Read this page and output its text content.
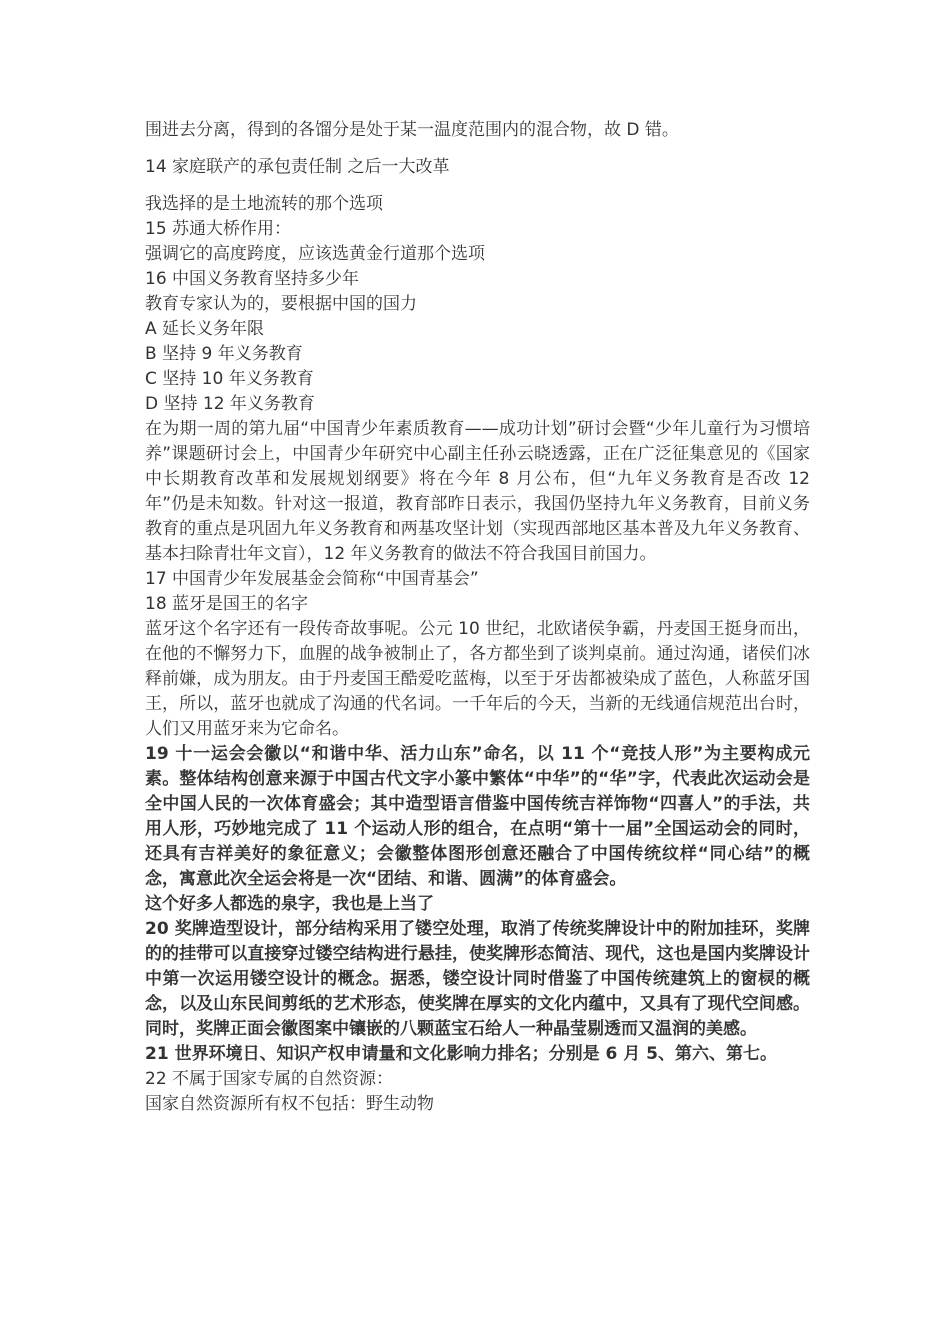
围进去分离，得到的各馏分是处于某一温度范围内的混合物，故 D 错。

14 家庭联产的承包责任制 之后一大改革

我选择的是土地流转的那个选项

15 苏通大桥作用：

强调它的高度跨度，应该选黄金行道那个选项

16 中国义务教育坚持多少年

教育专家认为的，要根据中国的国力

A 延长义务年限

B 坚持 9 年义务教育

C 坚持 10 年义务教育

D 坚持 12 年义务教育

在为期一周的第九届“中国青少年素质教育——成功计划”研讨会暨“少年儿童行为习惯培养”课题研讨会上，中国青少年研究中心副主任孙云晓透露，正在广泛征集意见的《国家中长期教育改革和发展规划纲要》将在今年 8 月公布，但“九年义务教育是否改 12 年”仍是未知数。针对这一报道，教育部昨日表示，我国仍坚持九年义务教育，目前义务教育的重点是巩固九年义务教育和两基攻坚计划（实现西部地区基本普及九年义务教育、基本扫除青壮年文盲），12 年义务教育的做法不符合我国目前国力。

17 中国青少年发展基金会简称“中国青基会”

18 蓝牙是国王的名字

蓝牙这个名字还有一段传奇故事呢。公元 10 世纪，北欧诸侯争霸，丹麦国王挺身而出，在他的不懈努力下，血腥的战争被制止了，各方都坐到了谈判桌前。通过沟通，诸侯们冰释前嫌，成为朋友。由于丹麦国王酷爱吃蓝梅，以至于牙齿都被染成了蓝色，人称蓝牙国王，所以，蓝牙也就成了沟通的代名词。一千年后的今天，当新的无线通信规范出台时，人们又用蓝牙来为它命名。

19 十一运会会徽以“和谐中华、活力山东”命名，以 11 个“竞技人形”为主要构成元素。整体结构创意来源于中国古代文字小篆中繁体“中华”的“华”字，代表此次运动会是全中国人民的一次体育盛会；其中造型语言借鉴中国传统吉祥饰物“四喜人”的手法，共用人形，巧妙地完成了 11 个运动人形的组合，在点明“第十一届”全国运动会的同时，还具有吉祥美好的象征意义；会徽整体图形创意还融合了中国传统纹样“同心结”的概念，寓意此次全运会将是一次“团结、和谐、圆满”的体育盛会。

这个好多人都选的泉字，我也是上当了

20 奖牌造型设计，部分结构采用了镂空处理，取消了传统奖牌设计中的附加挂环，奖牌的的挂带可以直接穿过镂空结构进行悬挂，使奖牌形态简洁、现代，这也是国内奖牌设计中第一次运用镂空设计的概念。据悉，镂空设计同时借鉴了中国传统建筑上的窗棂的概念，以及山东民间剪纸的艺术形态，使奖牌在厚实的文化内蕴中，又具有了现代空间感。同时，奖牌正面会徽图案中镶嵌的八颗蓝宝石给人一种晶莹剔透而又温润的美感。

21 世界环境日、知识产权申请量和文化影响力排名；分别是 6 月 5、第六、第七。

22 不属于国家专属的自然资源：

国家自然资源所有权不包括：野生动物
